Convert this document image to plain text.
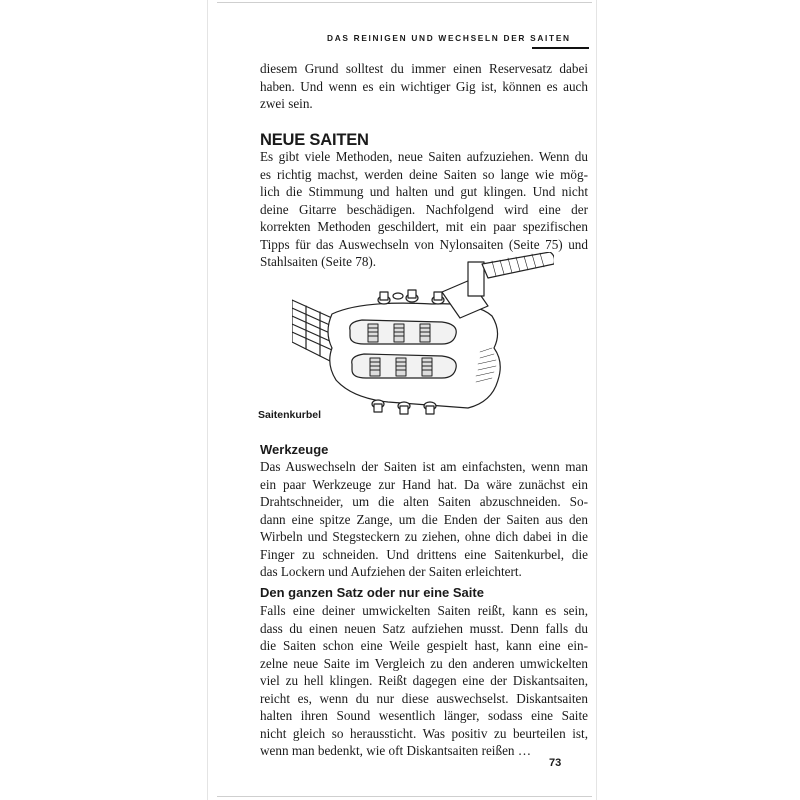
DAS REINIGEN UND WECHSELN DER SAITEN

diesem Grund solltest du immer einen Reservesatz dabei
haben. Und wenn es ein wichtiger Gig ist, können es auch
zwei sein.

NEUE SAITEN

Es gibt viele Methoden, neue Saiten aufzuziehen. Wenn du
es richtig machst, werden deine Saiten so lange wie mög-
lich die Stimmung und halten und gut klingen. Und nicht
deine Gitarre beschädigen. Nachfolgend wird eine der
korrekten Methoden geschildert, mit ein paar spezifischen
Tipps für das Auswechseln von Nylonsaiten (Seite 75) und
Stahlsaiten (Seite 78).

Saitenkurbel
Werkzeuge

Das Auswechseln der Saiten ist am einfachsten, wenn man
ein paar Werkzeuge zur Hand hat. Da wäre zunächst ein
Drahtschneider, um die alten Saiten abzuschneiden. So-
dann eine spitze Zange, um die Enden der Saiten aus den
Wirbeln und Stegsteckern zu ziehen, ohne dich dabei in die
Finger zu schneiden. Und drittens eine Saitenkurbel, die
das Lockern und Aufziehen der Saiten erleichtert.

Den ganzen Satz oder nur eine Saite

Falls eine deiner umwickelten Saiten reißt, kann es sein,
dass du einen neuen Satz aufziehen musst. Denn falls du
die Saiten schon eine Weile gespielt hast, kann eine ein-
zelne neue Saite im Vergleich zu den anderen umwickelten
viel zu hell klingen. Reißt dagegen eine der Diskantsaiten,
reicht es, wenn du nur diese auswechselst. Diskantsaiten
halten ihren Sound wesentlich länger, sodass eine Saite
nicht gleich so heraussticht. Was positiv zu beurteilen ist,
wenn man bedenkt, wie oft Diskantsaiten reißen …

73
